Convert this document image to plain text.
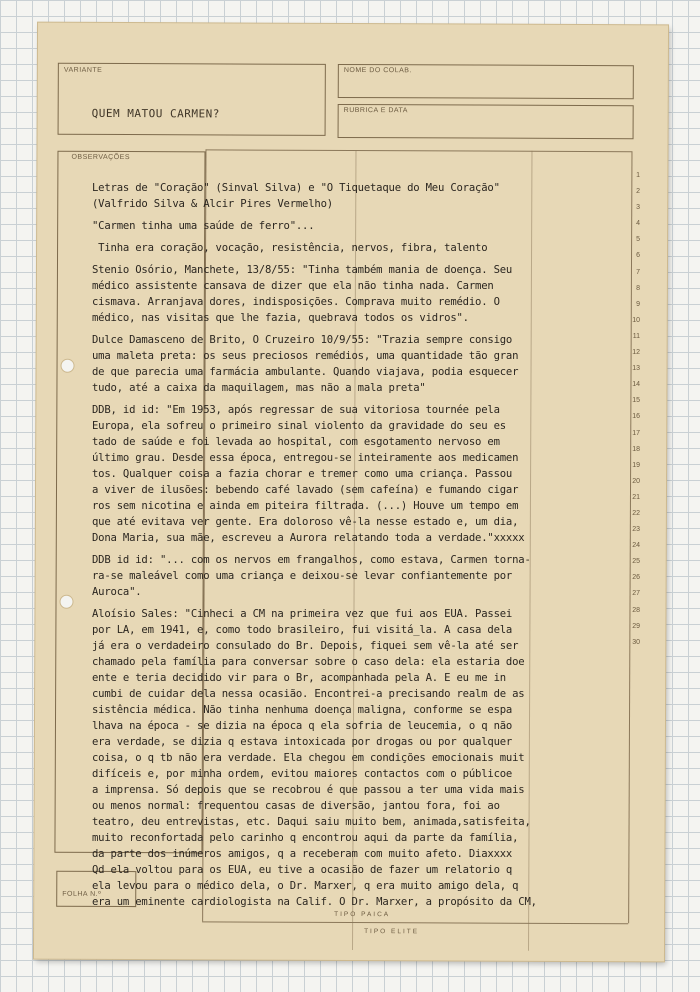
VARIANTE
QUEM MATOU CARMEN?
NOME DO COLAB.
RUBRICA E DATA
OBSERVAÇÕES
FOLHA N.º
TIPO PAICA
TIPO ELITE
1
2
3
4
5
6
7
8
9
10
11
12
13
14
15
16
17
18
19
20
21
22
23
24
25
26
27
28
29
30
Letras de "Coração" (Sinval Silva) e "O Tiquetaque do Meu Coração"
(Valfrido Silva & Alcir Pires Vermelho)
"Carmen tinha uma saúde de ferro"...
Tinha era coração, vocação, resistência, nervos, fibra, talento
Stenio Osório, Manchete, 13/8/55: "Tinha também mania de doença. Seu
médico assistente cansava de dizer que ela não tinha nada. Carmen
cismava. Arranjava dores, indisposições. Comprava muito remédio. O
médico, nas visitas que lhe fazia, quebrava todos os vidros".
Dulce Damasceno de Brito, O Cruzeiro 10/9/55: "Trazia sempre consigo
uma maleta preta: os seus preciosos remédios, uma quantidade tão gran
de que parecia uma farmácia ambulante. Quando viajava, podia esquecer
tudo, até a caixa da maquilagem, mas não a mala preta"
DDB, id id: "Em 1953, após regressar de sua vitoriosa tournée pela
Europa, ela sofreu o primeiro sinal violento da gravidade do seu es
tado de saúde e foi levada ao hospital, com esgotamento nervoso em
último grau. Desde essa época, entregou-se inteiramente aos medicamen
tos. Qualquer coisa a fazia chorar e tremer como uma criança. Passou
a viver de ilusões: bebendo café lavado (sem cafeína) e fumando cigar
ros sem nicotina e ainda em piteira filtrada. (...) Houve um tempo em
que até evitava ver gente. Era doloroso vê-la nesse estado e, um dia,
Dona Maria, sua mãe, escreveu a Aurora relatando toda a verdade."xxxxx
DDB id id: "... com os nervos em frangalhos, como estava, Carmen torna-
ra-se maleável como uma criança e deixou-se levar confiantemente por
Auroca".
Aloísio Sales: "Cinheci a CM na primeira vez que fui aos EUA. Passei
por LA, em 1941, e, como todo brasileiro, fui visitá_la. A casa dela
já era o verdadeiro consulado do Br. Depois, fiquei sem vê-la até ser
chamado pela família para conversar sobre o caso dela: ela estaria doe
ente e teria decidido vir para o Br, acompanhada pela A. E eu me in
cumbi de cuidar dela nessa ocasião. Encontrei-a precisando realm de as
sistência médica. Não tinha nenhuma doença maligna, conforme se espa
lhava na época - se dizia na época q ela sofria de leucemia, o q não
era verdade, se dizia q estava intoxicada por drogas ou por qualquer
coisa, o q tb não era verdade. Ela chegou em condições emocionais muit
difíceis e, por minha ordem, evitou maiores contactos com o públicoe
a imprensa. Só depois que se recobrou é que passou a ter uma vida mais
ou menos normal: frequentou casas de diversão, jantou fora, foi ao
teatro, deu entrevistas, etc. Daqui saiu muito bem, animada,satisfeita,
muito reconfortada pelo carinho q encontrou aqui da parte da família,
da parte dos inúmeros amigos, q a receberam com muito afeto. Diaxxxx
Qd ela voltou para os EUA, eu tive a ocasião de fazer um relatorio q
ela levou para o médico dela, o Dr. Marxer, q era muito amigo dela, q
era um eminente cardiologista na Calif. O Dr. Marxer, a propósito da CM,
